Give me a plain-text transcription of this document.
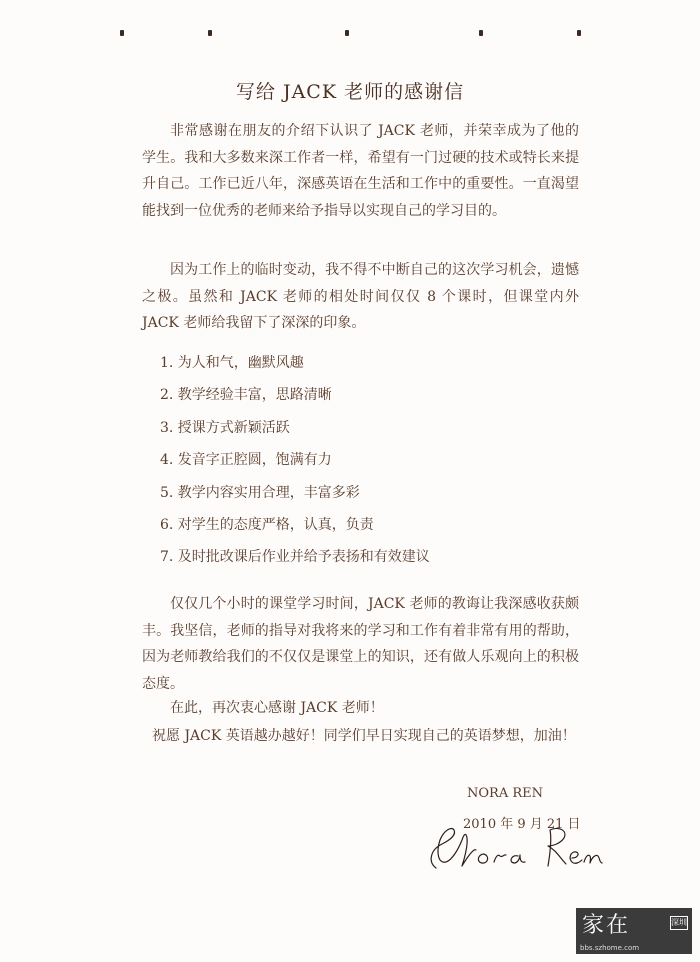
写给 JACK 老师的感谢信

非常感谢在朋友的介绍下认识了 JACK 老师，并荣幸成为了他的学生。我和大多数来深工作者一样，希望有一门过硬的技术或特长来提升自己。工作已近八年，深感英语在生活和工作中的重要性。一直渴望能找到一位优秀的老师来给予指导以实现自己的学习目的。

因为工作上的临时变动，我不得不中断自己的这次学习机会，遗憾之极。虽然和 JACK 老师的相处时间仅仅 8 个课时，但课堂内外 JACK 老师给我留下了深深的印象。

1. 为人和气，幽默风趣
2. 教学经验丰富，思路清晰
3. 授课方式新颖活跃
4. 发音字正腔圆，饱满有力
5. 教学内容实用合理，丰富多彩
6. 对学生的态度严格，认真，负责
7. 及时批改课后作业并给予表扬和有效建议

仅仅几个小时的课堂学习时间，JACK 老师的教诲让我深感收获颇丰。我坚信，老师的指导对我将来的学习和工作有着非常有用的帮助，因为老师教给我们的不仅仅是课堂上的知识，还有做人乐观向上的积极态度。

在此，再次衷心感谢 JACK 老师！
祝愿 JACK 英语越办越好！同学们早日实现自己的英语梦想，加油！
NORA REN
2010 年 9 月 21 日
家在	深圳
bbs.szhome.com
